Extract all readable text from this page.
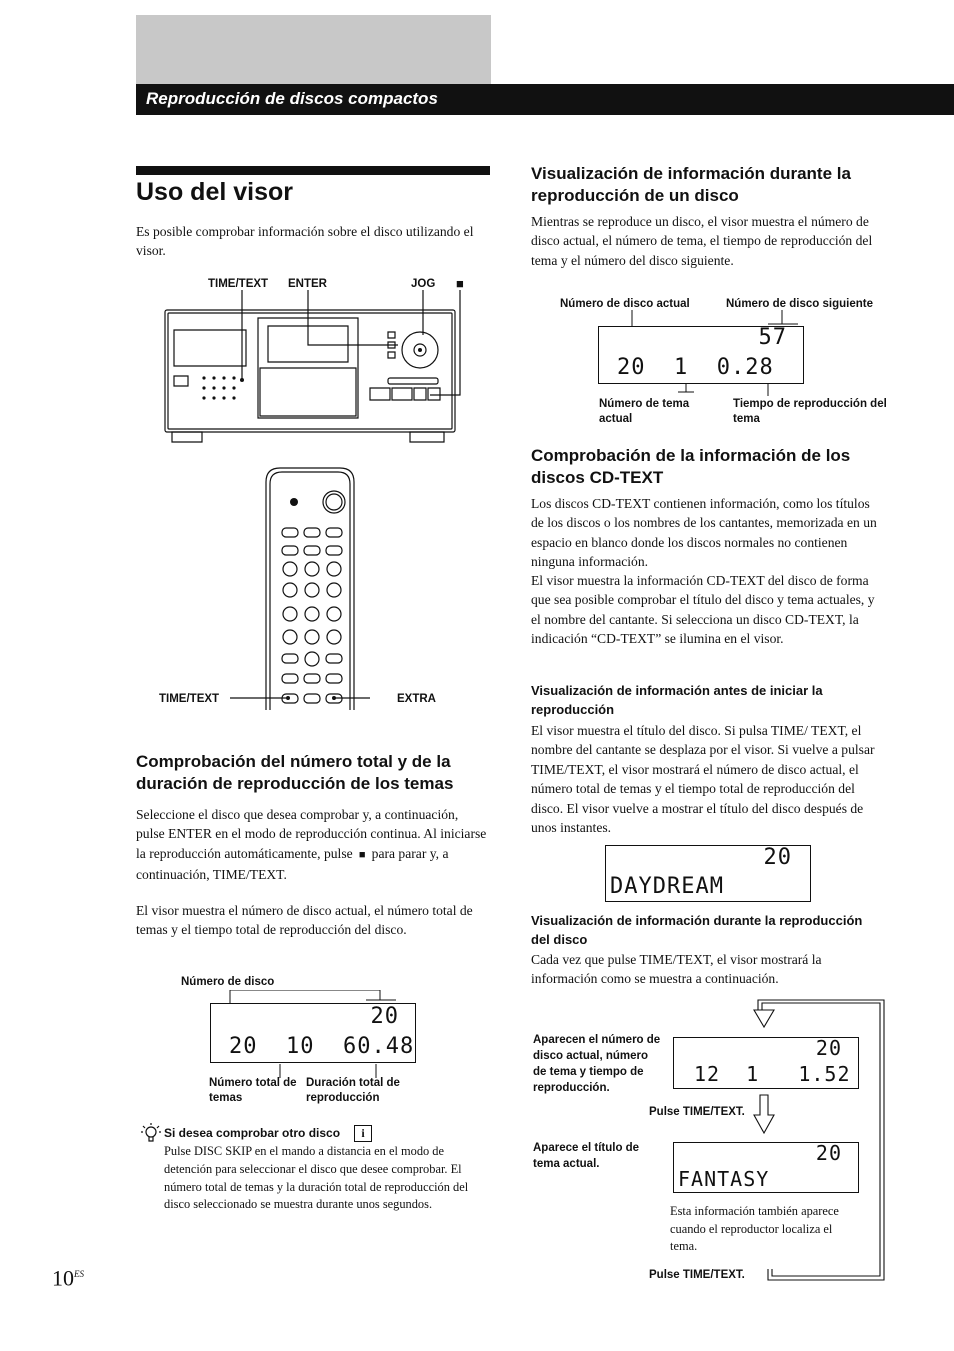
Reproducción de discos compactos
Uso del visor
Es posible comprobar información sobre el disco utilizando el visor.
TIME/TEXT ENTER	JOG ■
TIME/TEXT	EXTRA
Comprobación del número total y de la duración de reproducción de los temas
Seleccione el disco que desea comprobar y, a continuación, pulse ENTER en el modo de reproducción continua. Al iniciarse la reproducción automáticamente, pulse  ■  para parar y, a continuación, TIME/TEXT.
El visor muestra el número de disco actual, el número total de temas y el tiempo total de reproducción del disco.
Número de disco
20
20  10  60.48
Número total de temas
Duración total de reproducción
Si desea comprobar otro disco	i
Pulse DISC SKIP en el mando a distancia en el modo de detención para seleccionar el disco que desee comprobar. El número total de temas y la duración total de reproducción del disco seleccionado se muestra durante unos segundos.
$10^{ES}$
Visualización de información durante la reproducción de un disco
Mientras se reproduce un disco, el visor muestra el número de disco actual, el número de tema, el tiempo de reproducción del tema y el número del disco siguiente.
Número de disco actual	Número de disco siguiente
57
20  1  0.28
Número de tema actual
Tiempo de reproducción del tema
Comprobación de la información de los discos CD-TEXT
Los discos CD-TEXT contienen información, como los títulos de los discos o los nombres de los cantantes, memorizada en un espacio en blanco donde los discos normales no contienen ninguna información.
El visor muestra la información CD-TEXT del disco de forma que sea posible comprobar el título del disco y tema actuales, y el nombre del cantante. Si selecciona un disco CD-TEXT, la indicación “CD-TEXT” se ilumina en el visor.
Visualización de información antes de iniciar la reproducción
El visor muestra el título del disco. Si pulsa TIME/ TEXT, el nombre del cantante se desplaza por el visor. Si vuelve a pulsar TIME/TEXT, el visor mostrará el número de disco actual, el número total de temas y el tiempo total de reproducción del disco. El visor vuelve a mostrar el título del disco después de unos instantes.
20
DAYDREAM
Visualización de información durante la reproducción del disco
Cada vez que pulse TIME/TEXT, el visor mostrará la información como se muestra a continuación.
Aparecen el número de disco actual, número de tema y tiempo de reproducción.
20
12  1   1.52
Pulse TIME/TEXT.
Aparece el título de tema actual.	20
FANTASY
Esta información también aparece cuando el reproductor localiza el tema.
Pulse TIME/TEXT.
